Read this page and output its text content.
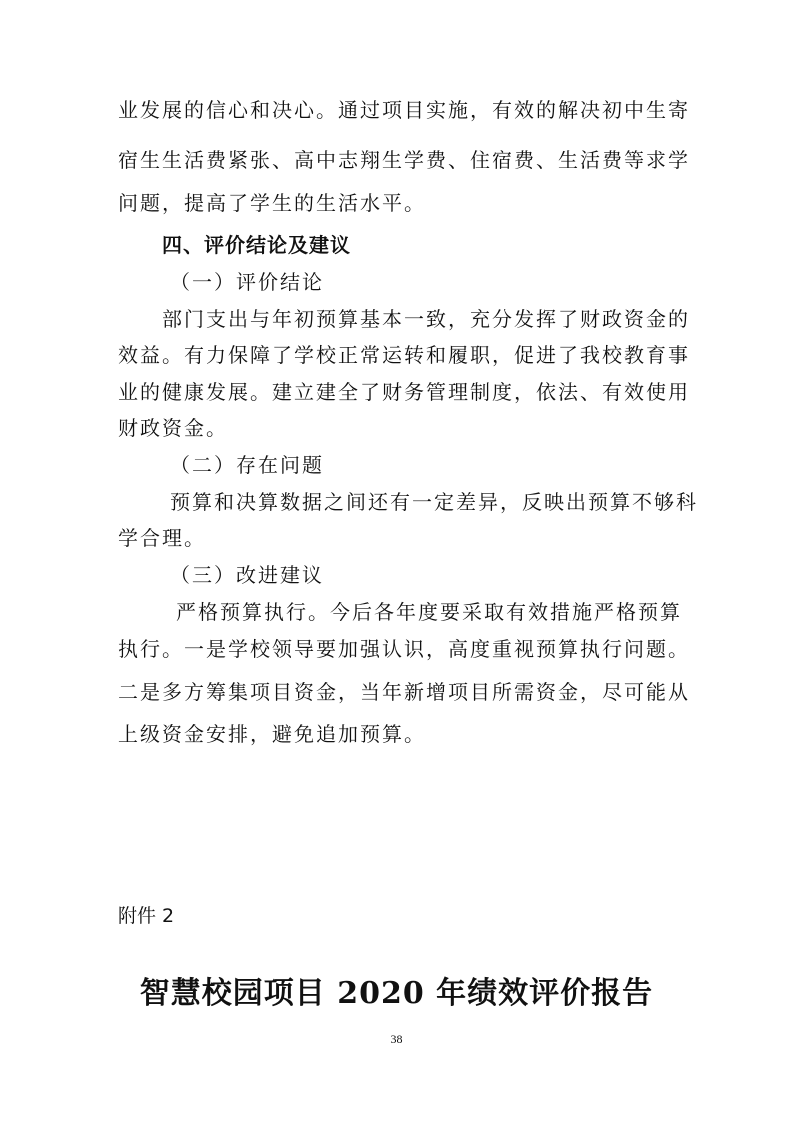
业发展的信心和决心。通过项目实施，有效的解决初中生寄
宿生生活费紧张、高中志翔生学费、住宿费、生活费等求学
问题，提高了学生的生活水平。
四、评价结论及建议
（一）评价结论
部门支出与年初预算基本一致，充分发挥了财政资金的
效益。有力保障了学校正常运转和履职，促进了我校教育事
业的健康发展。建立建全了财务管理制度，依法、有效使用
财政资金。
（二）存在问题
预算和决算数据之间还有一定差异，反映出预算不够科
学合理。
（三）改进建议
严格预算执行。今后各年度要采取有效措施严格预算
执行。一是学校领导要加强认识，高度重视预算执行问题。
二是多方筹集项目资金，当年新增项目所需资金，尽可能从
上级资金安排，避免追加预算。
附件 2
智慧校园项目 2020 年绩效评价报告
38
